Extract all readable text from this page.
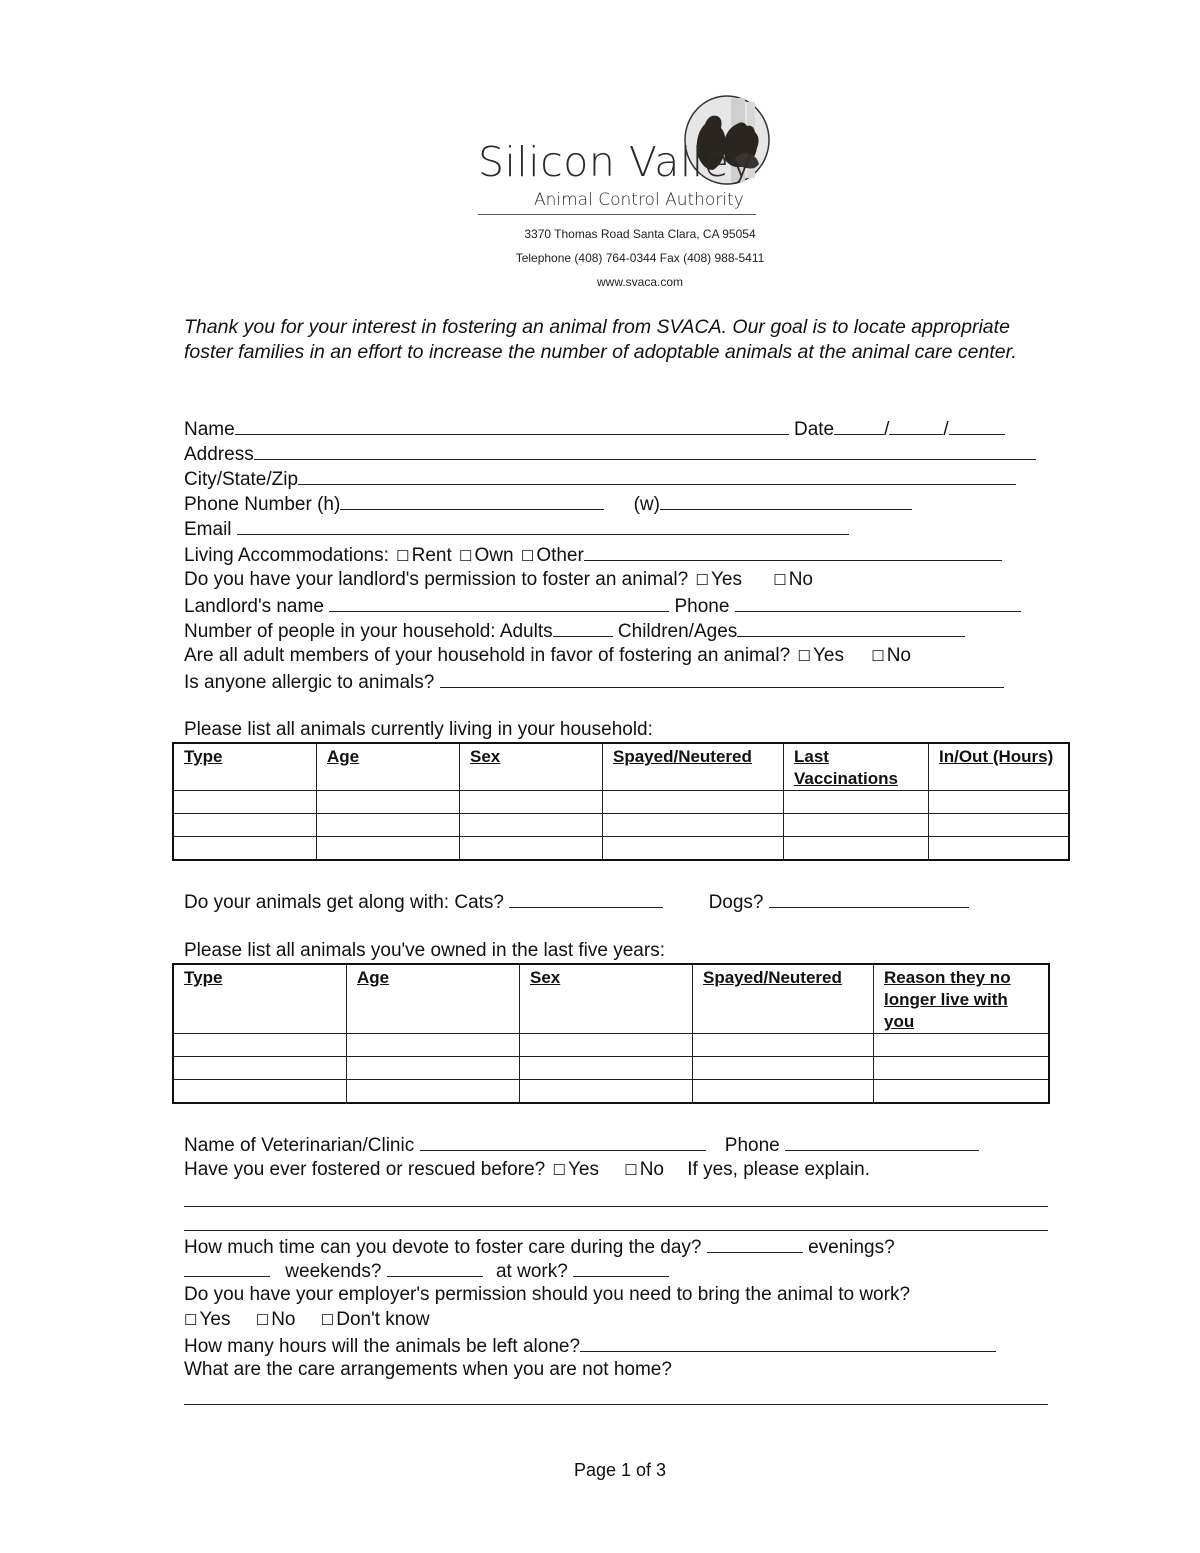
Silicon Valley
Animal Control Authority
3370 Thomas Road Santa Clara, CA 95054
Telephone (408) 764-0344 Fax (408) 988-5411
www.svaca.com
Thank you for your interest in fostering an animal from SVACA. Our goal is to locate appropriate foster families in an effort to increase the number of adoptable animals at the animal care center.
Name	Date	/	/
Address
City/State/Zip
Phone Number (h)	(w)
Email
Living Accommodations: ☐ Rent ☐ Own ☐ Other
Do you have your landlord's permission to foster an animal? ☐ Yes ☐ No
Landlord's name	Phone
Number of people in your household: Adults	Children/Ages
Are all adult members of your household in favor of fostering an animal? ☐ Yes ☐ No
Is anyone allergic to animals?
Please list all animals currently living in your household:
Type	Age	Sex	Spayed/Neutered	Last Vaccinations	In/Out (Hours)

Do your animals get along with: Cats?	Dogs?
Please list all animals you've owned in the last five years:
Type	Age	Sex	Spayed/Neutered	Reason they no longer live with you

Name of Veterinarian/Clinic	Phone
Have you ever fostered or rescued before? ☐ Yes ☐ No If yes, please explain.
How much time can you devote to foster care during the day?	evenings?
weekends?	at work?
Do you have your employer's permission should you need to bring the animal to work?
☐ Yes ☐ No ☐ Don't know
How many hours will the animals be left alone?
What are the care arrangements when you are not home?
Page 1 of 3
